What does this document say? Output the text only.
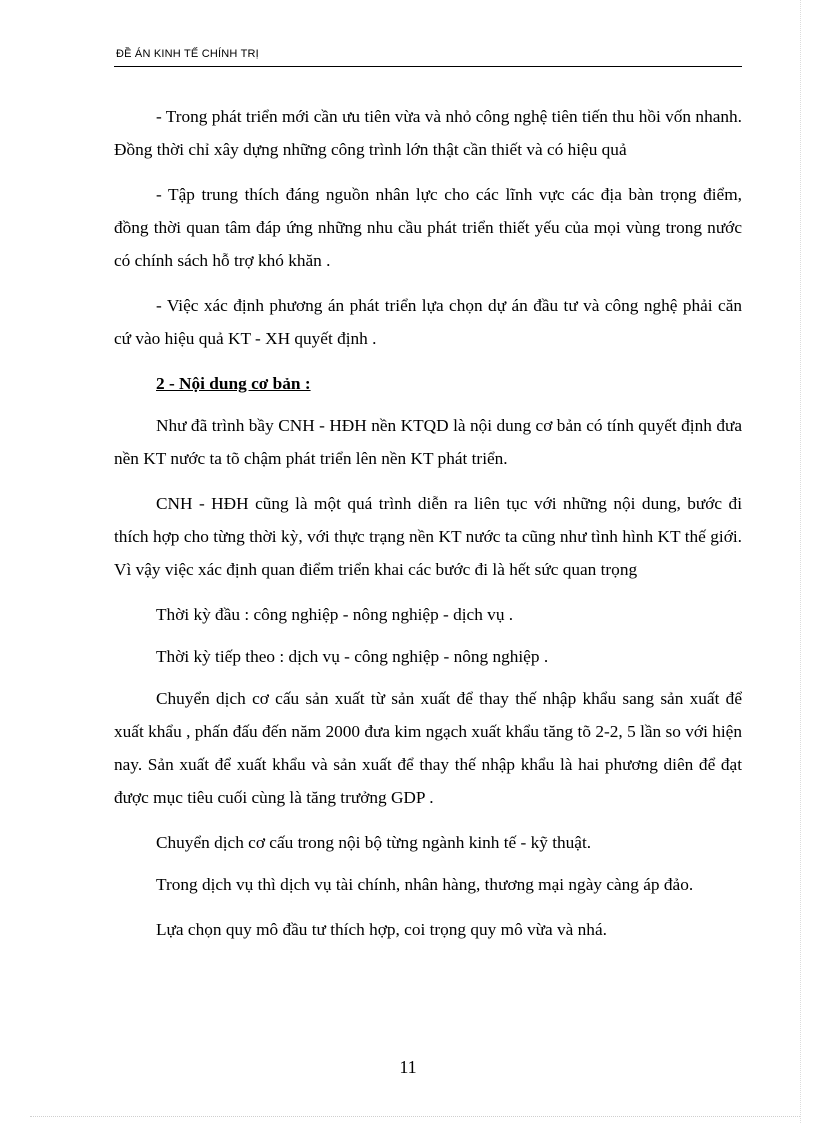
ĐỀ ÁN KINH TẾ CHÍNH TRỊ

- Trong phát triển mới cần ưu tiên vừa và nhỏ công nghệ tiên tiến thu hồi vốn nhanh. Đồng thời chỉ xây dựng những công trình lớn thật cần thiết và có hiệu quả

- Tập trung thích đáng nguồn nhân lực cho các lĩnh vực các địa bàn trọng điểm, đồng thời quan tâm đáp ứng những nhu cầu phát triển thiết yếu của mọi vùng trong nước có chính sách hỗ trợ khó khăn .

- Việc xác định phương án phát triển lựa chọn dự án đầu tư và công nghệ phải căn cứ vào hiệu quả KT - XH quyết định .

2 - Nội dung cơ bản :

Như đã trình bầy CNH - HĐH nền KTQD là nội dung cơ bản có tính quyết định đưa nền KT nước ta tõ chậm phát triển lên nền KT phát triển.

CNH - HĐH cũng là một quá trình diễn ra liên tục với những nội dung, bước đi thích hợp cho từng thời kỳ, với thực trạng nền KT nước ta cũng như tình hình KT thế giới. Vì vậy việc xác định quan điểm triển khai các bước đi là hết sức quan trọng

Thời kỳ đầu : công nghiệp - nông nghiệp - dịch vụ .

Thời kỳ tiếp theo : dịch vụ - công nghiệp - nông nghiệp .

Chuyển dịch cơ cấu sản xuất từ sản xuất để thay thế nhập khẩu sang sản xuất để xuất khẩu , phấn đấu đến năm 2000 đưa kim ngạch xuất khẩu tăng tõ 2-2, 5 lần so với hiện nay. Sản xuất để xuất khẩu và sản xuất để thay thế nhập khẩu là hai phương diên để đạt được mục tiêu cuối cùng là tăng trưởng GDP .

Chuyển dịch cơ cấu trong nội bộ từng ngành kinh tế - kỹ thuật.

Trong dịch vụ thì dịch vụ tài chính, nhân hàng, thương mại ngày càng áp đảo.

Lựa chọn quy mô đầu tư thích hợp, coi trọng quy mô vừa và nhá.

11
